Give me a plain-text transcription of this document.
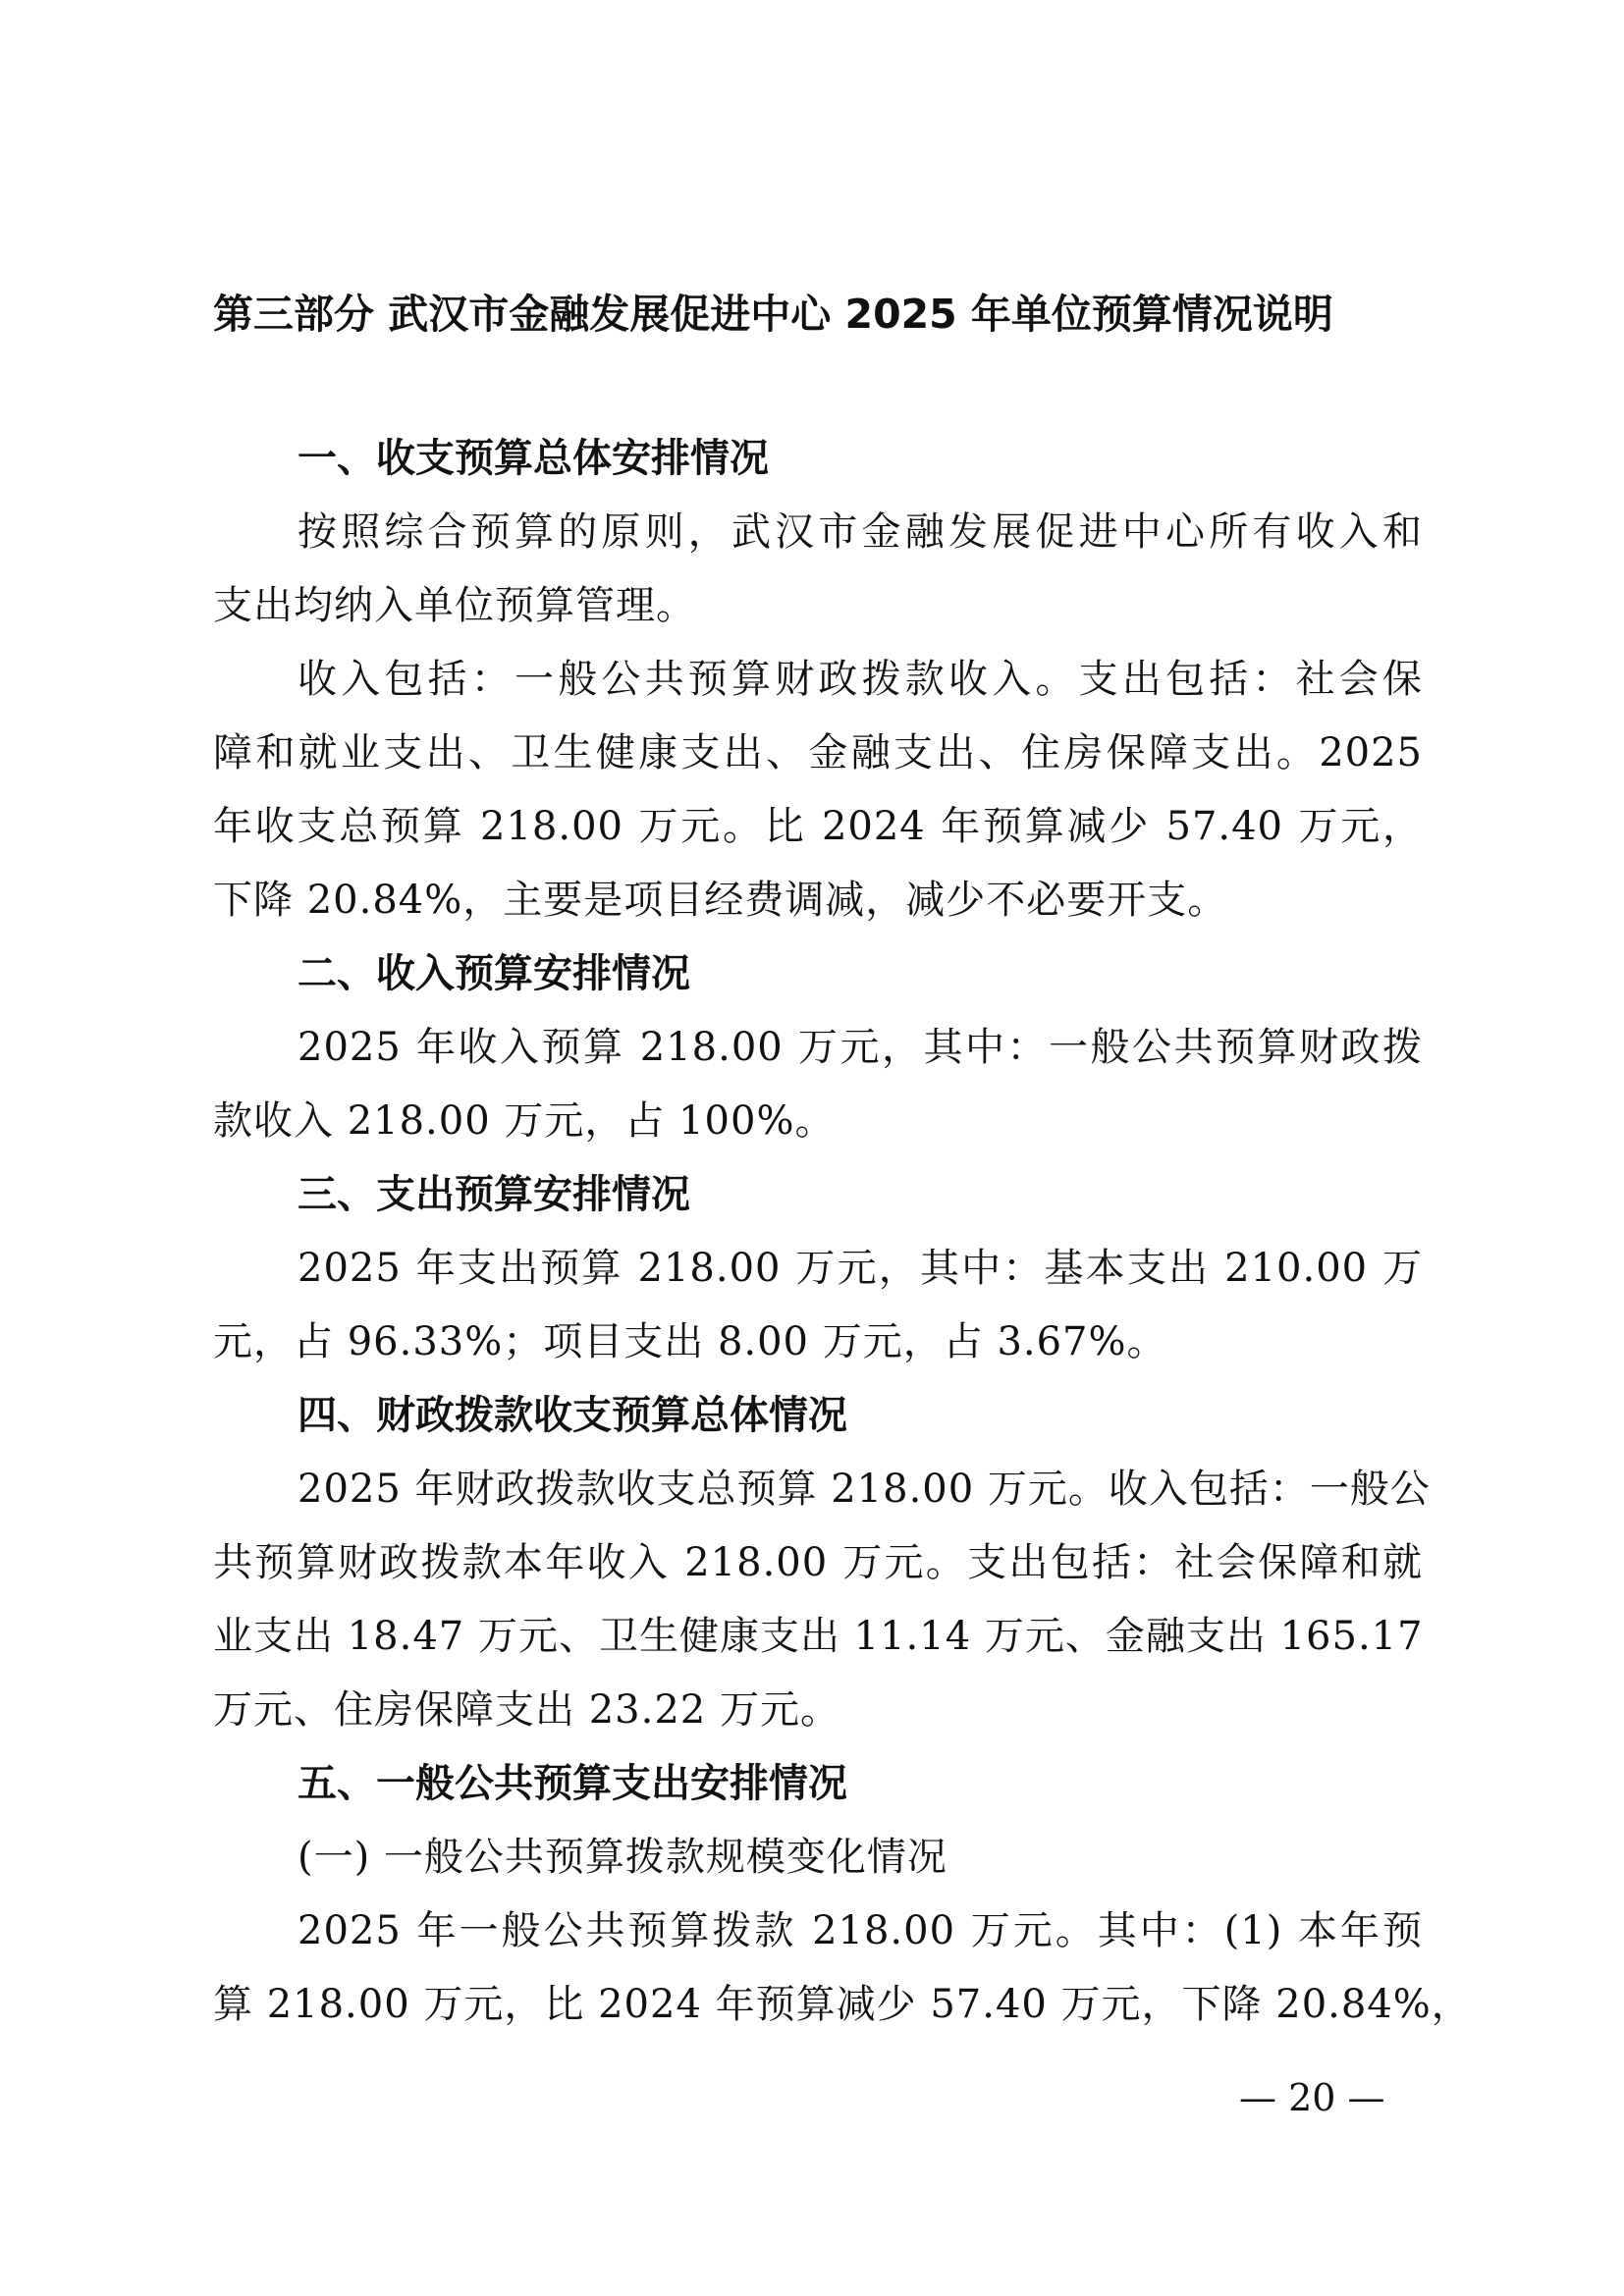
第三部分 武汉市金融发展促进中心 2025 年单位预算情况说明
一、收支预算总体安排情况

按照综合预算的原则，武汉市金融发展促进中心所有收入和
支出均纳入单位预算管理。

收入包括：一般公共预算财政拨款收入。支出包括：社会保
障和就业支出、卫生健康支出、金融支出、住房保障支出。2025
年收支总预算 218.00 万元。比 2024 年预算减少 57.40 万元，
下降 20.84%，主要是项目经费调减，减少不必要开支。

二、收入预算安排情况

2025 年收入预算 218.00 万元，其中：一般公共预算财政拨
款收入 218.00 万元，占 100%。

三、支出预算安排情况

2025 年支出预算 218.00 万元，其中：基本支出 210.00 万
元，占 96.33%；项目支出 8.00 万元，占 3.67%。

四、财政拨款收支预算总体情况

2025 年财政拨款收支总预算 218.00 万元。收入包括：一般公
共预算财政拨款本年收入 218.00 万元。支出包括：社会保障和就
业支出 18.47 万元、卫生健康支出 11.14 万元、金融支出 165.17
万元、住房保障支出 23.22 万元。

五、一般公共预算支出安排情况

(一) 一般公共预算拨款规模变化情况

2025 年一般公共预算拨款 218.00 万元。其中：(1) 本年预
算 218.00 万元，比 2024 年预算减少 57.40 万元，下降 20.84%，

— 20 —
